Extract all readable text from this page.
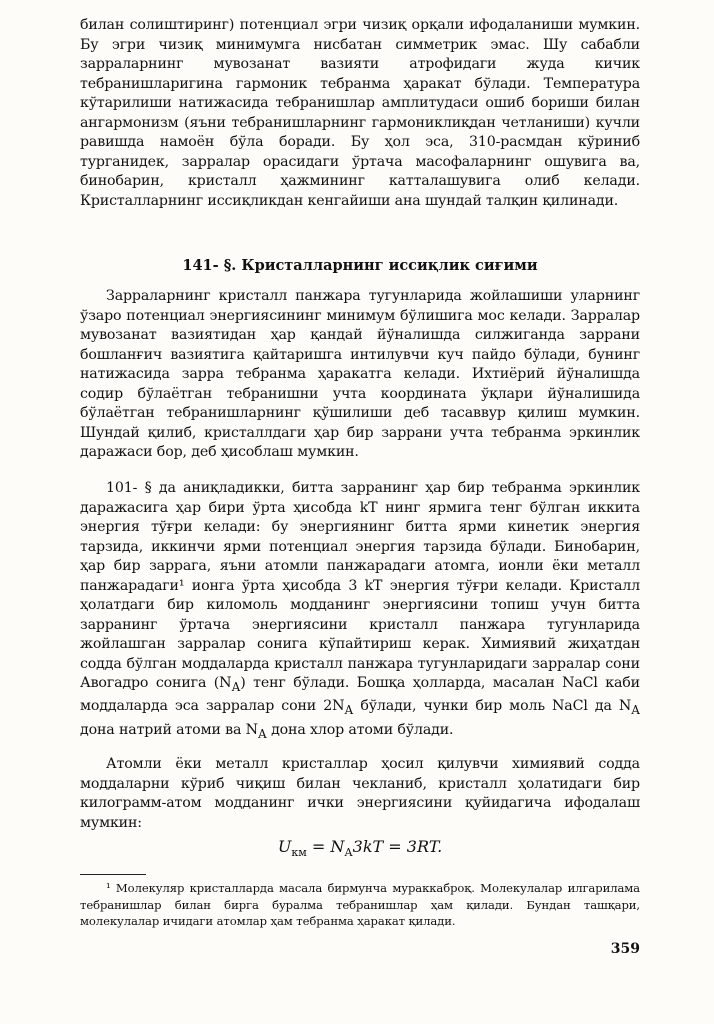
билан солиштиринг) потенциал эгри чизиқ орқали ифодаланиши мумкин. Бу эгри чизиқ минимумга нисбатан симметрик эмас. Шу сабабли зарраларнинг мувозанат вазияти атрофидаги жуда кичик тебранишларигина гармоник тебранма ҳаракат бўлади. Температура кўтарилиши натижасида тебранишлар амплитудаси ошиб бориши билан ангармонизм (яъни тебранишларнинг гармониклиқдан четланиши) кучли равишда намоён бўла боради. Бу ҳол эса, 310-расмдан кўриниб турганидек, зарралар орасидаги ўртача масофаларнинг ошувига ва, бинобарин, кристалл ҳажмининг катталашувига олиб келади. Кристалларнинг иссиқликдан кенгайиши ана шундай талқин қилинади.

141- §. Кристалларнинг иссиқлик сиғими

Зарраларнинг кристалл панжара тугунларида жойлашиши уларнинг ўзаро потенциал энергиясининг минимум бўлишига мос келади. Зарралар мувозанат вазиятидан ҳар қандай йўналишда силжиганда заррани бошланғич вазиятига қайтаришга интилувчи куч пайдо бўлади, бунинг натижасида зарра тебранма ҳаракатга келади. Ихтиёрий йўналишда содир бўлаётган тебранишни учта координата ўқлари йўналишида бўлаётган тебранишларнинг қўшилиши деб тасаввур қилиш мумкин. Шундай қилиб, кристаллдаги ҳар бир заррани учта тебранма эркинлик даражаси бор, деб ҳисоблаш мумкин.

101- § да аниқладикки, битта зарранинг ҳар бир тебранма эркинлик даражасига ҳар бири ўрта ҳисобда kT нинг ярмига тенг бўлган иккита энергия тўғри келади: бу энергиянинг битта ярми кинетик энергия тарзида, иккинчи ярми потенциал энергия тарзида бўлади. Бинобарин, ҳар бир заррага, яъни атомли панжарадаги атомга, ионли ёки металл панжарадаги¹ ионга ўрта ҳисобда 3 kT энергия тўғри келади. Кристалл ҳолатдаги бир киломоль модданинг энергиясини топиш учун битта зарранинг ўртача энергиясини кристалл панжара тугунларида жойлашган зарралар сонига кўпайтириш керак. Химиявий жиҳатдан содда бўлган моддаларда кристалл панжара тугунларидаги зарралар сони Авогадро сонига $(N_А)$ тенг бўлади. Бошқа ҳолларда, масалан NaCl каби моддаларда эса зарралар сони $2N_А$ бўлади, чунки бир моль NaCl да $N_А$ дона натрий атоми ва $N_А$ дона хлор атоми бўлади.

Атомли ёки металл кристаллар ҳосил қилувчи химиявий содда моддаларни кўриб чиқиш билан чекланиб, кристалл ҳолатидаги бир килограмм-атом модданинг ички энергиясини қуйидагича ифодалаш мумкин:

$U_{км} = N_А3kT = 3RT$.

¹ Молекуляр кристалларда масала бирмунча мураккаброқ. Молекулалар илгарилама тебранишлар билан бирга буралма тебранишлар ҳам қилади. Бундан ташқари, молекулалар ичидаги атомлар ҳам тебранма ҳаракат қилади.

359
